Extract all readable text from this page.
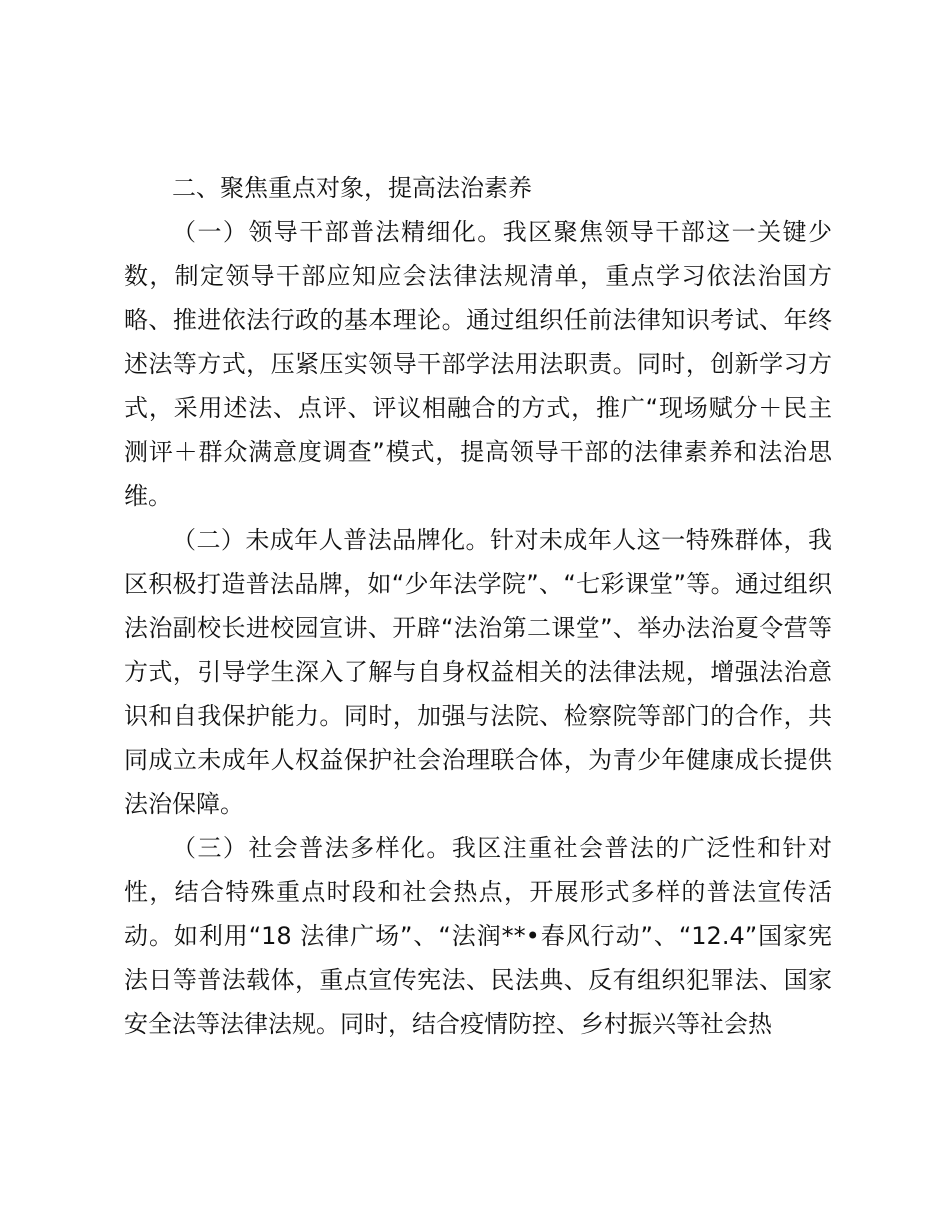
二、聚焦重点对象，提高法治素养

（一）领导干部普法精细化。我区聚焦领导干部这一关键少数，制定领导干部应知应会法律法规清单，重点学习依法治国方略、推进依法行政的基本理论。通过组织任前法律知识考试、年终述法等方式，压紧压实领导干部学法用法职责。同时，创新学习方式，采用述法、点评、评议相融合的方式，推广“现场赋分＋民主测评＋群众满意度调查”模式，提高领导干部的法律素养和法治思维。

（二）未成年人普法品牌化。针对未成年人这一特殊群体，我区积极打造普法品牌，如“少年法学院”、“七彩课堂”等。通过组织法治副校长进校园宣讲、开辟“法治第二课堂”、举办法治夏令营等方式，引导学生深入了解与自身权益相关的法律法规，增强法治意识和自我保护能力。同时，加强与法院、检察院等部门的合作，共同成立未成年人权益保护社会治理联合体，为青少年健康成长提供法治保障。

（三）社会普法多样化。我区注重社会普法的广泛性和针对性，结合特殊重点时段和社会热点，开展形式多样的普法宣传活动。如利用“18 法律广场”、“法润**•春风行动”、“12.4”国家宪法日等普法载体，重点宣传宪法、民法典、反有组织犯罪法、国家安全法等法律法规。同时，结合疫情防控、乡村振兴等社会热
